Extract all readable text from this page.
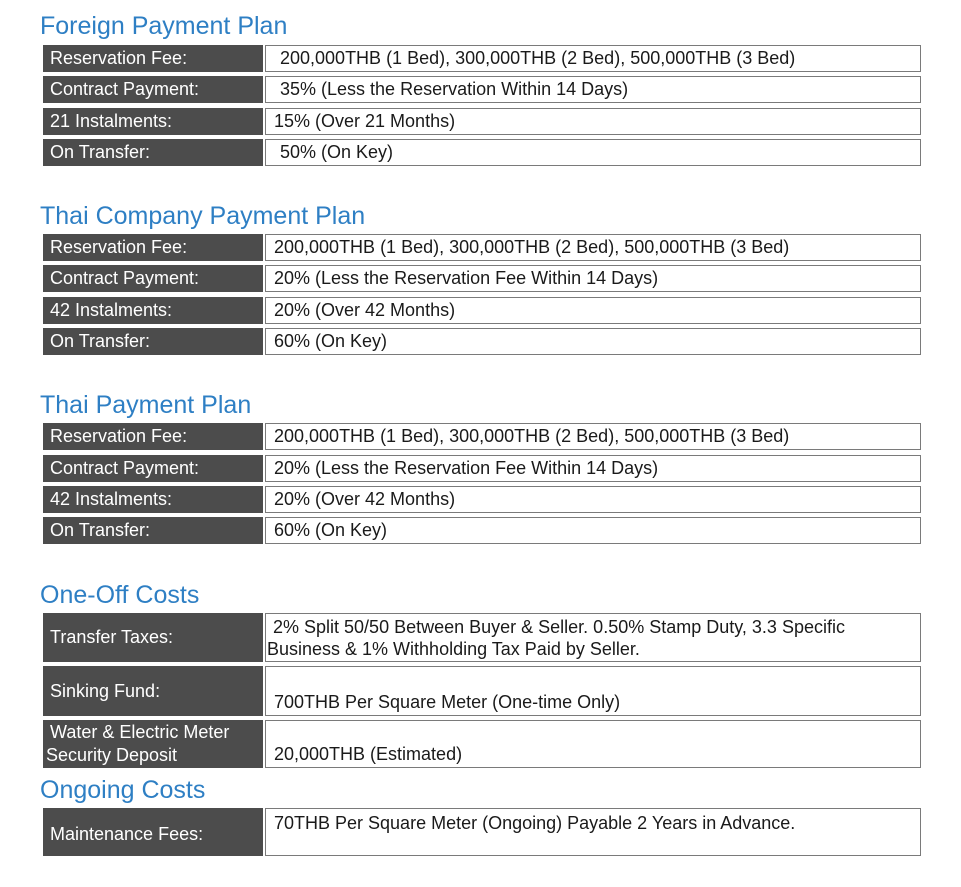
Foreign Payment Plan
Reservation Fee:	200,000THB (1 Bed), 300,000THB (2 Bed), 500,000THB (3 Bed)
Contract Payment:	35% (Less the Reservation Within 14 Days)
21 Instalments:	15% (Over 21 Months)
On Transfer:	50% (On Key)
Thai Company Payment Plan
Reservation Fee:	200,000THB (1 Bed), 300,000THB (2 Bed), 500,000THB (3 Bed)
Contract Payment:	20% (Less the Reservation Fee Within 14 Days)
42 Instalments:	20% (Over 42 Months)
On Transfer:	60% (On Key)
Thai Payment Plan
Reservation Fee:	200,000THB (1 Bed), 300,000THB (2 Bed), 500,000THB (3 Bed)
Contract Payment:	20% (Less the Reservation Fee Within 14 Days)
42 Instalments:	20% (Over 42 Months)
On Transfer:	60% (On Key)
One-Off Costs
Transfer Taxes:	2% Split 50/50 Between Buyer & Seller. 0.50% Stamp Duty, 3.3 Specific
Business & 1% Withholding Tax Paid by Seller.
Sinking Fund:
700THB Per Square Meter (One-time Only)
Water & Electric Meter
Security Deposit	20,000THB (Estimated)
Ongoing Costs
Maintenance Fees:
70THB Per Square Meter (Ongoing) Payable 2 Years in Advance.
